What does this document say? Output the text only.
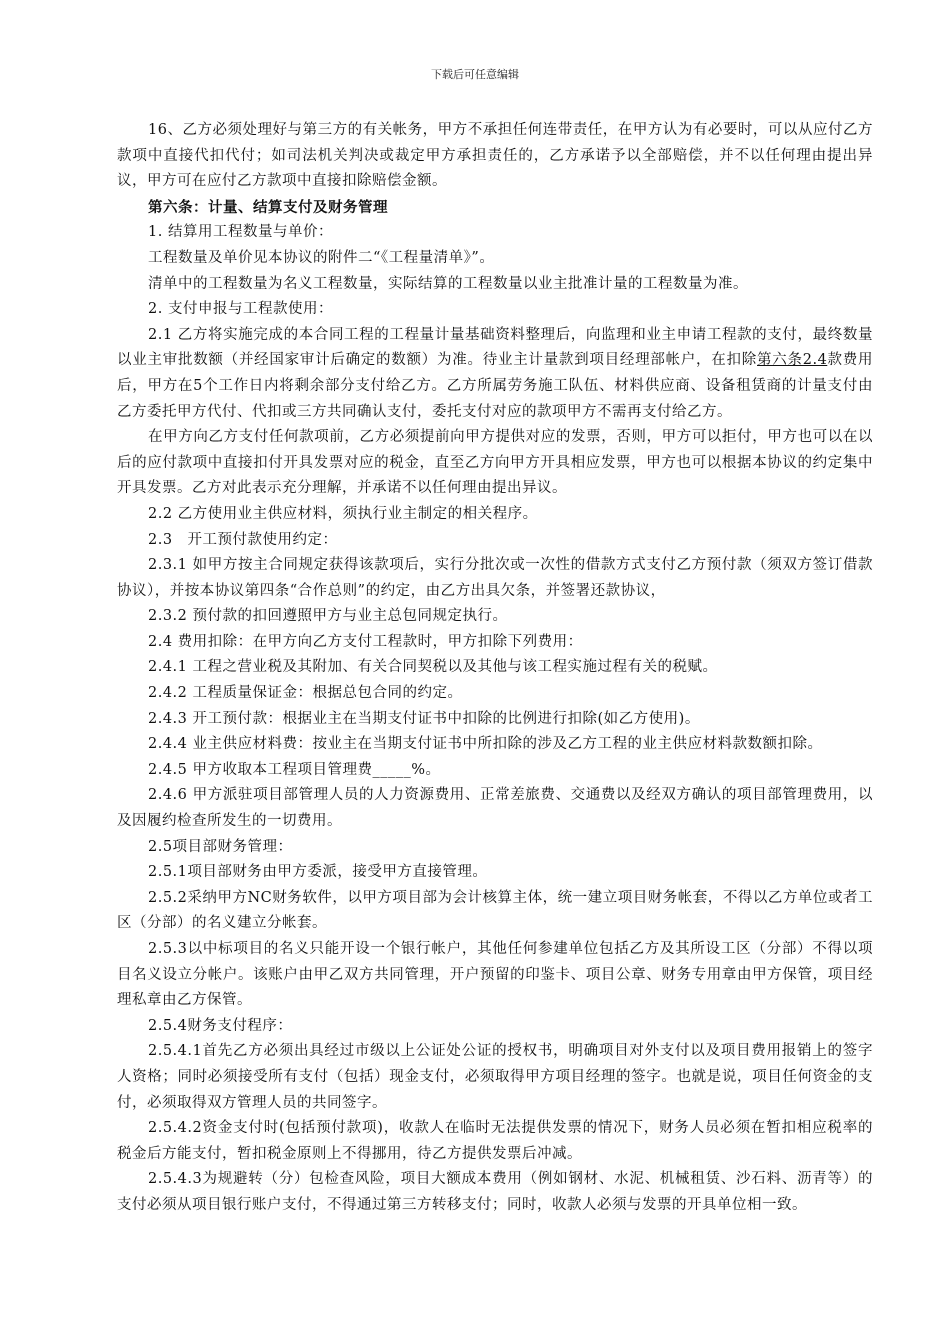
下载后可任意编辑

16、乙方必须处理好与第三方的有关帐务，甲方不承担任何连带责任，在甲方认为有必要时，可以从应付乙方款项中直接代扣代付；如司法机关判决或裁定甲方承担责任的，乙方承诺予以全部赔偿，并不以任何理由提出异议，甲方可在应付乙方款项中直接扣除赔偿金额。

第六条：计量、结算支付及财务管理

1. 结算用工程数量与单价：

工程数量及单价见本协议的附件二“《工程量清单》”。

清单中的工程数量为名义工程数量，实际结算的工程数量以业主批准计量的工程数量为准。

2. 支付申报与工程款使用：

2.1 乙方将实施完成的本合同工程的工程量计量基础资料整理后，向监理和业主申请工程款的支付，最终数量以业主审批数额（并经国家审计后确定的数额）为准。待业主计量款到项目经理部帐户，在扣除第六条2.4款费用后，甲方在5个工作日内将剩余部分支付给乙方。乙方所属劳务施工队伍、材料供应商、设备租赁商的计量支付由乙方委托甲方代付、代扣或三方共同确认支付，委托支付对应的款项甲方不需再支付给乙方。

在甲方向乙方支付任何款项前，乙方必须提前向甲方提供对应的发票，否则，甲方可以拒付，甲方也可以在以后的应付款项中直接扣付开具发票对应的税金，直至乙方向甲方开具相应发票，甲方也可以根据本协议的约定集中开具发票。乙方对此表示充分理解，并承诺不以任何理由提出异议。

2.2 乙方使用业主供应材料，须执行业主制定的相关程序。

2.3　开工预付款使用约定：

2.3.1 如甲方按主合同规定获得该款项后，实行分批次或一次性的借款方式支付乙方预付款（须双方签订借款协议），并按本协议第四条“合作总则”的约定，由乙方出具欠条，并签署还款协议，

2.3.2 预付款的扣回遵照甲方与业主总包同规定执行。

2.4 费用扣除：在甲方向乙方支付工程款时，甲方扣除下列费用：

2.4.1 工程之营业税及其附加、有关合同契税以及其他与该工程实施过程有关的税赋。

2.4.2 工程质量保证金：根据总包合同的约定。

2.4.3 开工预付款：根据业主在当期支付证书中扣除的比例进行扣除(如乙方使用)。

2.4.4 业主供应材料费：按业主在当期支付证书中所扣除的涉及乙方工程的业主供应材料款数额扣除。

2.4.5 甲方收取本工程项目管理费_____%。

2.4.6 甲方派驻项目部管理人员的人力资源费用、正常差旅费、交通费以及经双方确认的项目部管理费用，以及因履约检查所发生的一切费用。

2.5项目部财务管理：

2.5.1项目部财务由甲方委派，接受甲方直接管理。

2.5.2采纳甲方NC财务软件，以甲方项目部为会计核算主体，统一建立项目财务帐套，不得以乙方单位或者工区（分部）的名义建立分帐套。

2.5.3以中标项目的名义只能开设一个银行帐户，其他任何参建单位包括乙方及其所设工区（分部）不得以项目名义设立分帐户。该账户由甲乙双方共同管理，开户预留的印鉴卡、项目公章、财务专用章由甲方保管，项目经理私章由乙方保管。

2.5.4财务支付程序：

2.5.4.1首先乙方必须出具经过市级以上公证处公证的授权书，明确项目对外支付以及项目费用报销上的签字人资格；同时必须接受所有支付（包括）现金支付，必须取得甲方项目经理的签字。也就是说，项目任何资金的支付，必须取得双方管理人员的共同签字。

2.5.4.2资金支付时(包括预付款项)，收款人在临时无法提供发票的情况下，财务人员必须在暂扣相应税率的税金后方能支付，暂扣税金原则上不得挪用，待乙方提供发票后冲减。

2.5.4.3为规避转（分）包检查风险，项目大额成本费用（例如钢材、水泥、机械租赁、沙石料、沥青等）的支付必须从项目银行账户支付，不得通过第三方转移支付；同时，收款人必须与发票的开具单位相一致。
